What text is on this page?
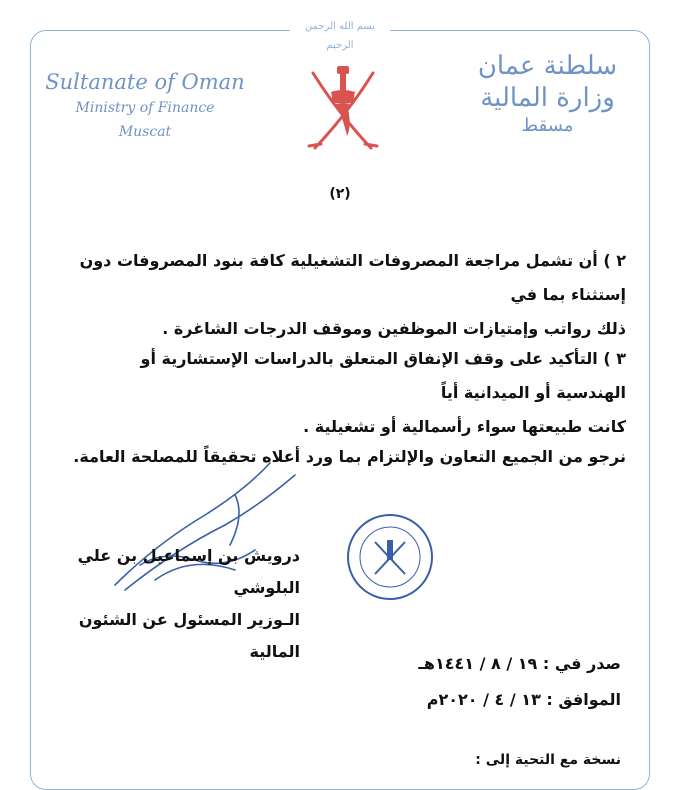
بسم الله الرحمن الرحيم
Sultanate of Oman
Ministry of Finance
Muscat
سلطنة عمان
وزارة المالية
مسقط
(٢)
٢ ) أن تشمل مراجعة المصروفات التشغيلية كافة بنود المصروفات دون إستثناء بما في
ذلك رواتب وإمتيازات الموظفين وموقف الدرجات الشاغرة .
٣ ) التأكيد على وقف الإنفاق المتعلق بالدراسات الإستشارية أو الهندسية أو الميدانية أياً
كانت طبيعتها سواء رأسمالية أو تشغيلية .
نرجو من الجميع التعاون والإلتزام بما ورد أعلاه تحقيقاً للمصلحة العامة.
درويش بن إسماعيل بن علي البلوشي
الـوزير المسئول عن الشئون المالية
صدر في : ١٩ / ٨ / ١٤٤١هـ
الموافق : ١٣ / ٤ / ٢٠٢٠م
نسخة مع التحية إلى :
